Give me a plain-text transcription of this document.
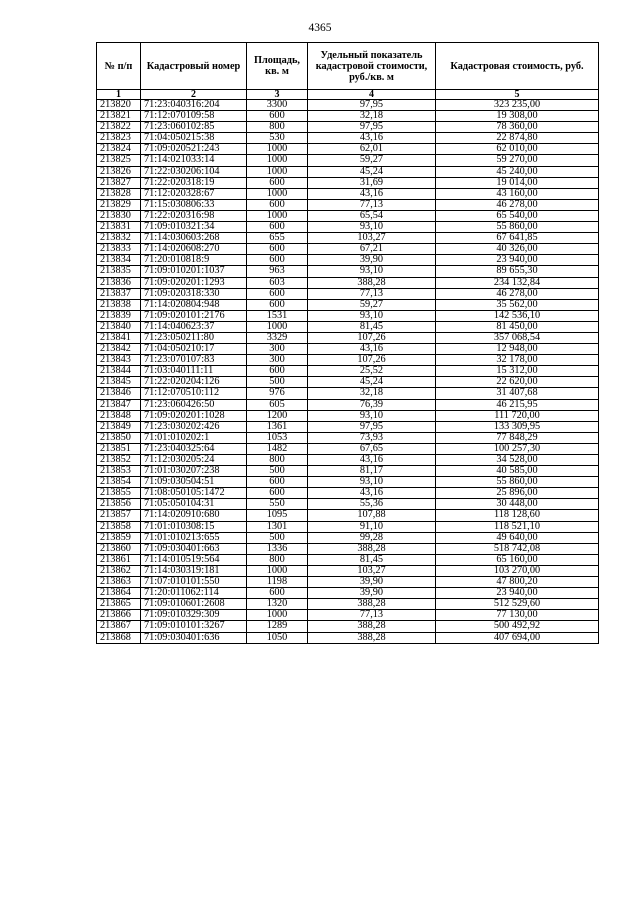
4365
№ п/п	Кадастровый номер	Площадь, кв. м	Удельный показатель кадастровой стоимости, руб./кв. м	Кадастровая стоимость, руб.
1	2	3	4	5
213820	71:23:040316:204	3300	97,95	323 235,00
213821	71:12:070109:58	600	32,18	19 308,00
213822	71:23:060102:85	800	97,95	78 360,00
213823	71:04:050215:38	530	43,16	22 874,80
213824	71:09:020521:243	1000	62,01	62 010,00
213825	71:14:021033:14	1000	59,27	59 270,00
213826	71:22:030206:104	1000	45,24	45 240,00
213827	71:22:020318:19	600	31,69	19 014,00
213828	71:12:020328:67	1000	43,16	43 160,00
213829	71:15:030806:33	600	77,13	46 278,00
213830	71:22:020316:98	1000	65,54	65 540,00
213831	71:09:010321:34	600	93,10	55 860,00
213832	71:14:030603:268	655	103,27	67 641,85
213833	71:14:020608:270	600	67,21	40 326,00
213834	71:20:010818:9	600	39,90	23 940,00
213835	71:09:010201:1037	963	93,10	89 655,30
213836	71:09:020201:1293	603	388,28	234 132,84
213837	71:09:020318:330	600	77,13	46 278,00
213838	71:14:020804:948	600	59,27	35 562,00
213839	71:09:020101:2176	1531	93,10	142 536,10
213840	71:14:040623:37	1000	81,45	81 450,00
213841	71:23:050211:80	3329	107,26	357 068,54
213842	71:04:050210:17	300	43,16	12 948,00
213843	71:23:070107:83	300	107,26	32 178,00
213844	71:03:040111:11	600	25,52	15 312,00
213845	71:22:020204:126	500	45,24	22 620,00
213846	71:12:070510:112	976	32,18	31 407,68
213847	71:23:060426:50	605	76,39	46 215,95
213848	71:09:020201:1028	1200	93,10	111 720,00
213849	71:23:030202:426	1361	97,95	133 309,95
213850	71:01:010202:1	1053	73,93	77 848,29
213851	71:23:040325:64	1482	67,65	100 257,30
213852	71:12:030205:24	800	43,16	34 528,00
213853	71:01:030207:238	500	81,17	40 585,00
213854	71:09:030504:51	600	93,10	55 860,00
213855	71:08:050105:1472	600	43,16	25 896,00
213856	71:05:050104:31	550	55,36	30 448,00
213857	71:14:020910:680	1095	107,88	118 128,60
213858	71:01:010308:15	1301	91,10	118 521,10
213859	71:01:010213:655	500	99,28	49 640,00
213860	71:09:030401:663	1336	388,28	518 742,08
213861	71:14:010519:564	800	81,45	65 160,00
213862	71:14:030319:181	1000	103,27	103 270,00
213863	71:07:010101:550	1198	39,90	47 800,20
213864	71:20:011062:114	600	39,90	23 940,00
213865	71:09:010601:2608	1320	388,28	512 529,60
213866	71:09:010329:309	1000	77,13	77 130,00
213867	71:09:010101:3267	1289	388,28	500 492,92
213868	71:09:030401:636	1050	388,28	407 694,00
